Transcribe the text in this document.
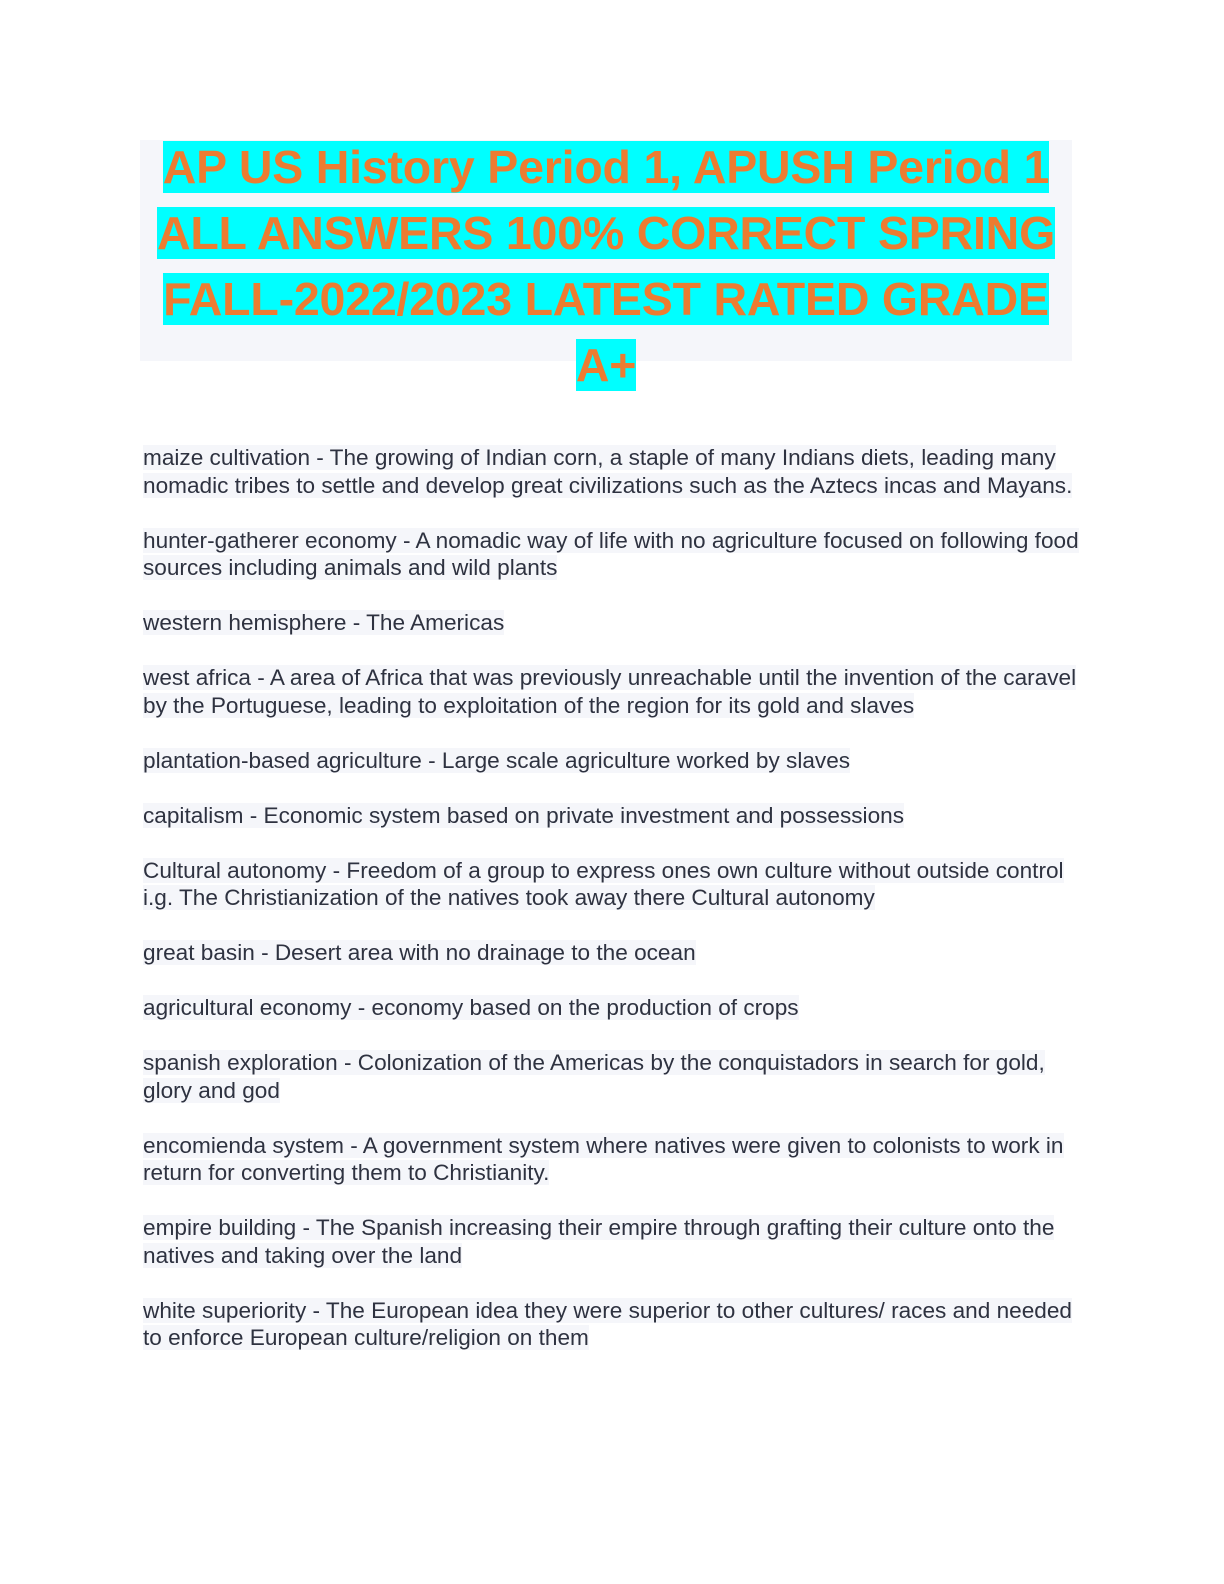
AP US History Period 1, APUSH Period 1 ALL ANSWERS 100% CORRECT SPRING FALL-2022/2023 LATEST RATED GRADE A+

maize cultivation - The growing of Indian corn, a staple of many Indians diets, leading many nomadic tribes to settle and develop great civilizations such as the Aztecs incas and Mayans.

hunter-gatherer economy - A nomadic way of life with no agriculture focused on following food sources including animals and wild plants

western hemisphere - The Americas

west africa - A area of Africa that was previously unreachable until the invention of the caravel by the Portuguese, leading to exploitation of the region for its gold and slaves

plantation-based agriculture - Large scale agriculture worked by slaves

capitalism - Economic system based on private investment and possessions

Cultural autonomy - Freedom of a group to express ones own culture without outside control i.g. The Christianization of the natives took away there Cultural autonomy

great basin - Desert area with no drainage to the ocean

agricultural economy - economy based on the production of crops

spanish exploration - Colonization of the Americas by the conquistadors in search for gold, glory and god

encomienda system - A government system where natives were given to colonists to work in return for converting them to Christianity.

empire building - The Spanish increasing their empire through grafting their culture onto the natives and taking over the land

white superiority - The European idea they were superior to other cultures/ races and needed to enforce European culture/religion on them
